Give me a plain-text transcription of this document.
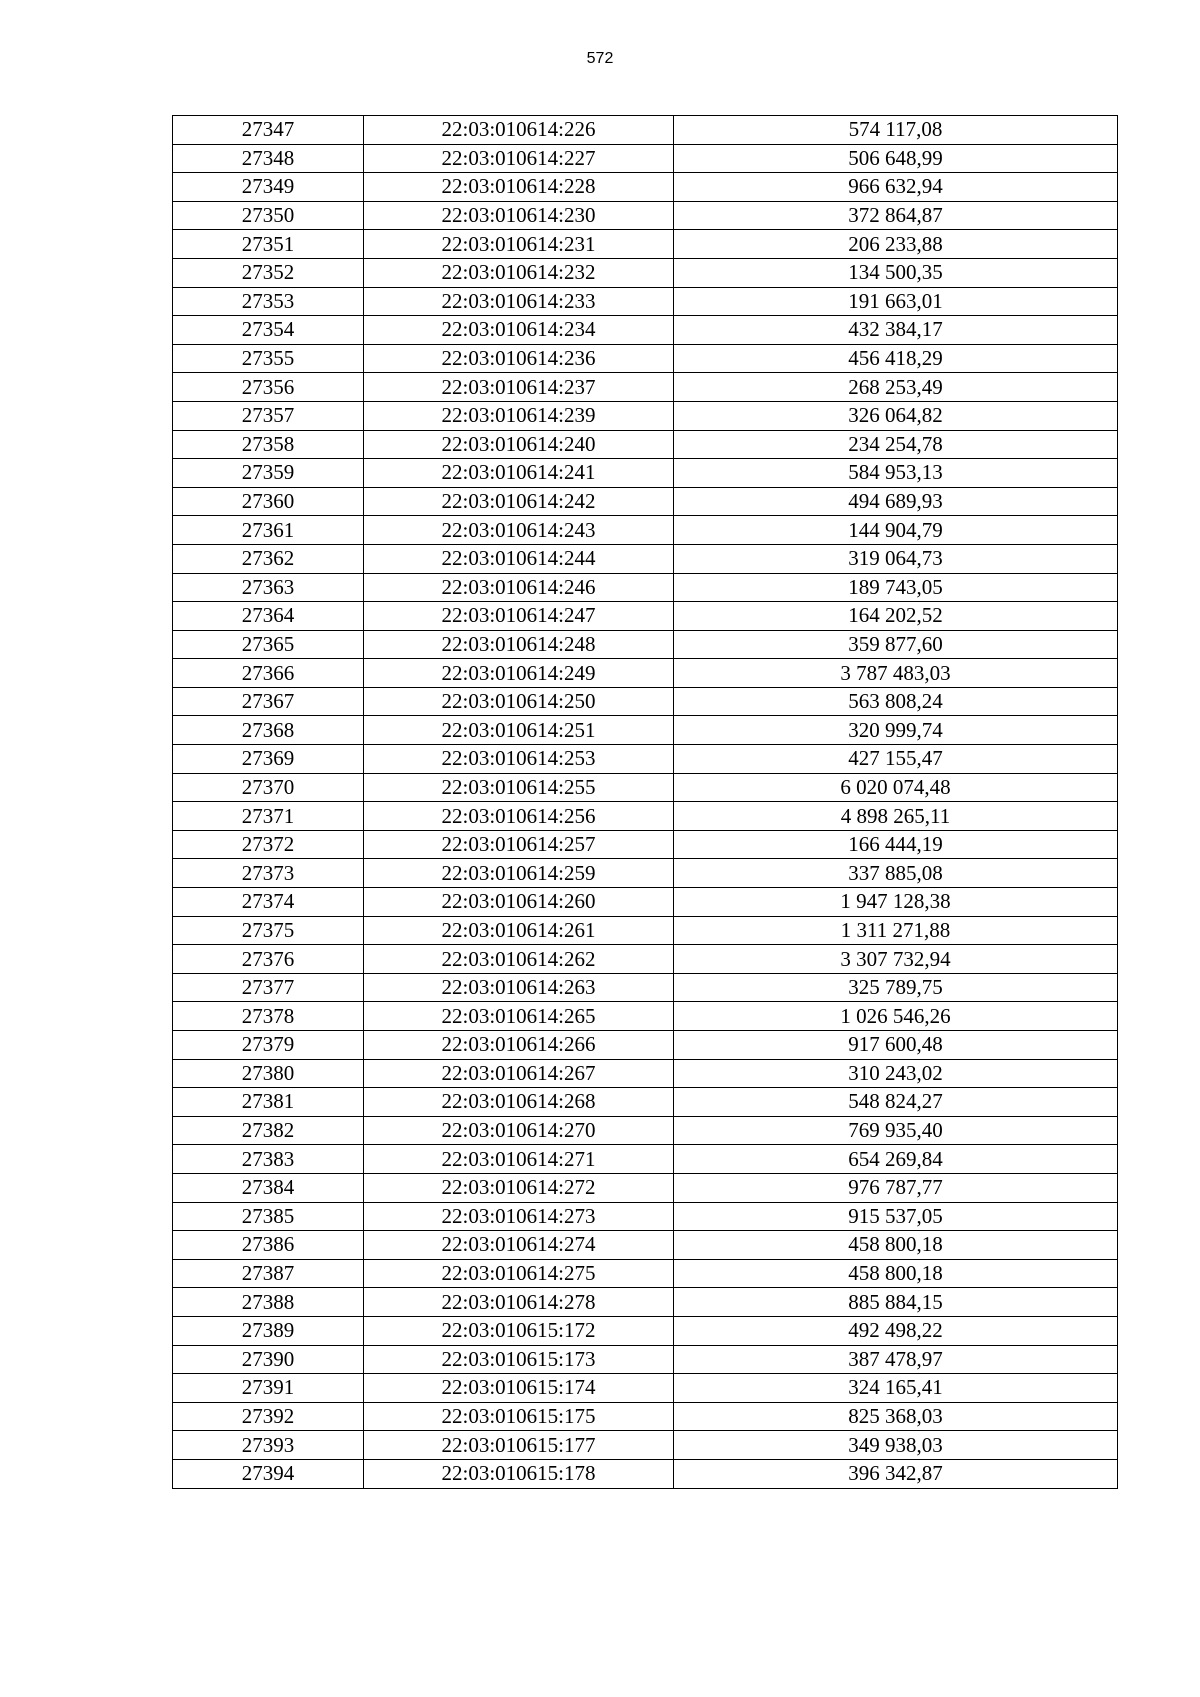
572
27347	22:03:010614:226	574 117,08
27348	22:03:010614:227	506 648,99
27349	22:03:010614:228	966 632,94
27350	22:03:010614:230	372 864,87
27351	22:03:010614:231	206 233,88
27352	22:03:010614:232	134 500,35
27353	22:03:010614:233	191 663,01
27354	22:03:010614:234	432 384,17
27355	22:03:010614:236	456 418,29
27356	22:03:010614:237	268 253,49
27357	22:03:010614:239	326 064,82
27358	22:03:010614:240	234 254,78
27359	22:03:010614:241	584 953,13
27360	22:03:010614:242	494 689,93
27361	22:03:010614:243	144 904,79
27362	22:03:010614:244	319 064,73
27363	22:03:010614:246	189 743,05
27364	22:03:010614:247	164 202,52
27365	22:03:010614:248	359 877,60
27366	22:03:010614:249	3 787 483,03
27367	22:03:010614:250	563 808,24
27368	22:03:010614:251	320 999,74
27369	22:03:010614:253	427 155,47
27370	22:03:010614:255	6 020 074,48
27371	22:03:010614:256	4 898 265,11
27372	22:03:010614:257	166 444,19
27373	22:03:010614:259	337 885,08
27374	22:03:010614:260	1 947 128,38
27375	22:03:010614:261	1 311 271,88
27376	22:03:010614:262	3 307 732,94
27377	22:03:010614:263	325 789,75
27378	22:03:010614:265	1 026 546,26
27379	22:03:010614:266	917 600,48
27380	22:03:010614:267	310 243,02
27381	22:03:010614:268	548 824,27
27382	22:03:010614:270	769 935,40
27383	22:03:010614:271	654 269,84
27384	22:03:010614:272	976 787,77
27385	22:03:010614:273	915 537,05
27386	22:03:010614:274	458 800,18
27387	22:03:010614:275	458 800,18
27388	22:03:010614:278	885 884,15
27389	22:03:010615:172	492 498,22
27390	22:03:010615:173	387 478,97
27391	22:03:010615:174	324 165,41
27392	22:03:010615:175	825 368,03
27393	22:03:010615:177	349 938,03
27394	22:03:010615:178	396 342,87
